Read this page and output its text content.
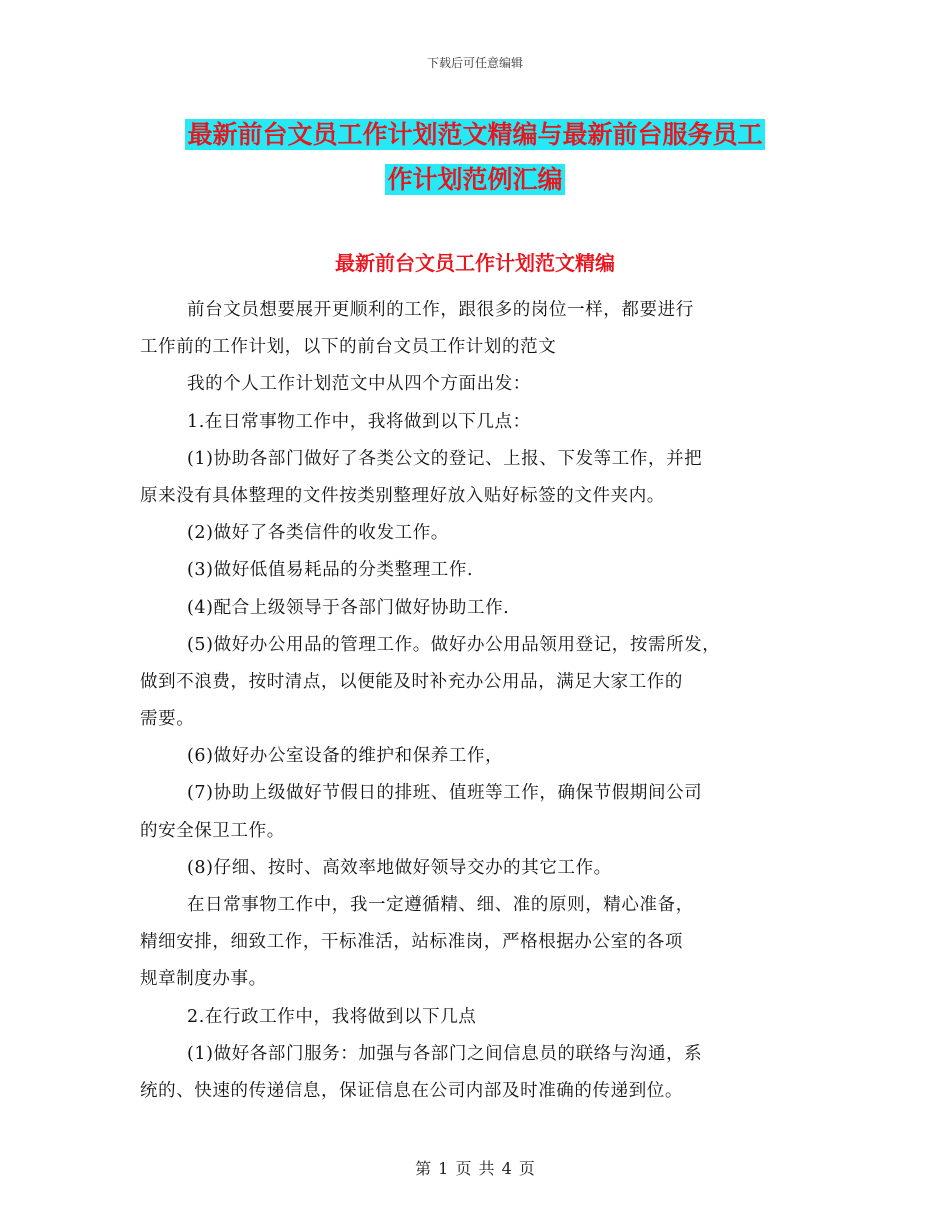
下载后可任意编辑
最新前台文员工作计划范文精编与最新前台服务员工
作计划范例汇编
最新前台文员工作计划范文精编
前台文员想要展开更顺利的工作，跟很多的岗位一样，都要进行
工作前的工作计划，以下的前台文员工作计划的范文
我的个人工作计划范文中从四个方面出发：
1.在日常事物工作中，我将做到以下几点：
(1)协助各部门做好了各类公文的登记、上报、下发等工作，并把
原来没有具体整理的文件按类别整理好放入贴好标签的文件夹内。
(2)做好了各类信件的收发工作。
(3)做好低值易耗品的分类整理工作.
(4)配合上级领导于各部门做好协助工作.
(5)做好办公用品的管理工作。做好办公用品领用登记，按需所发，
做到不浪费，按时清点，以便能及时补充办公用品，满足大家工作的
需要。
(6)做好办公室设备的维护和保养工作，
(7)协助上级做好节假日的排班、值班等工作，确保节假期间公司
的安全保卫工作。
(8)仔细、按时、高效率地做好领导交办的其它工作。
在日常事物工作中，我一定遵循精、细、准的原则，精心准备，
精细安排，细致工作，干标准活，站标准岗，严格根据办公室的各项
规章制度办事。
2.在行政工作中，我将做到以下几点
(1)做好各部门服务：加强与各部门之间信息员的联络与沟通，系
统的、快速的传递信息，保证信息在公司内部及时准确的传递到位。
第 1 页 共 4 页
